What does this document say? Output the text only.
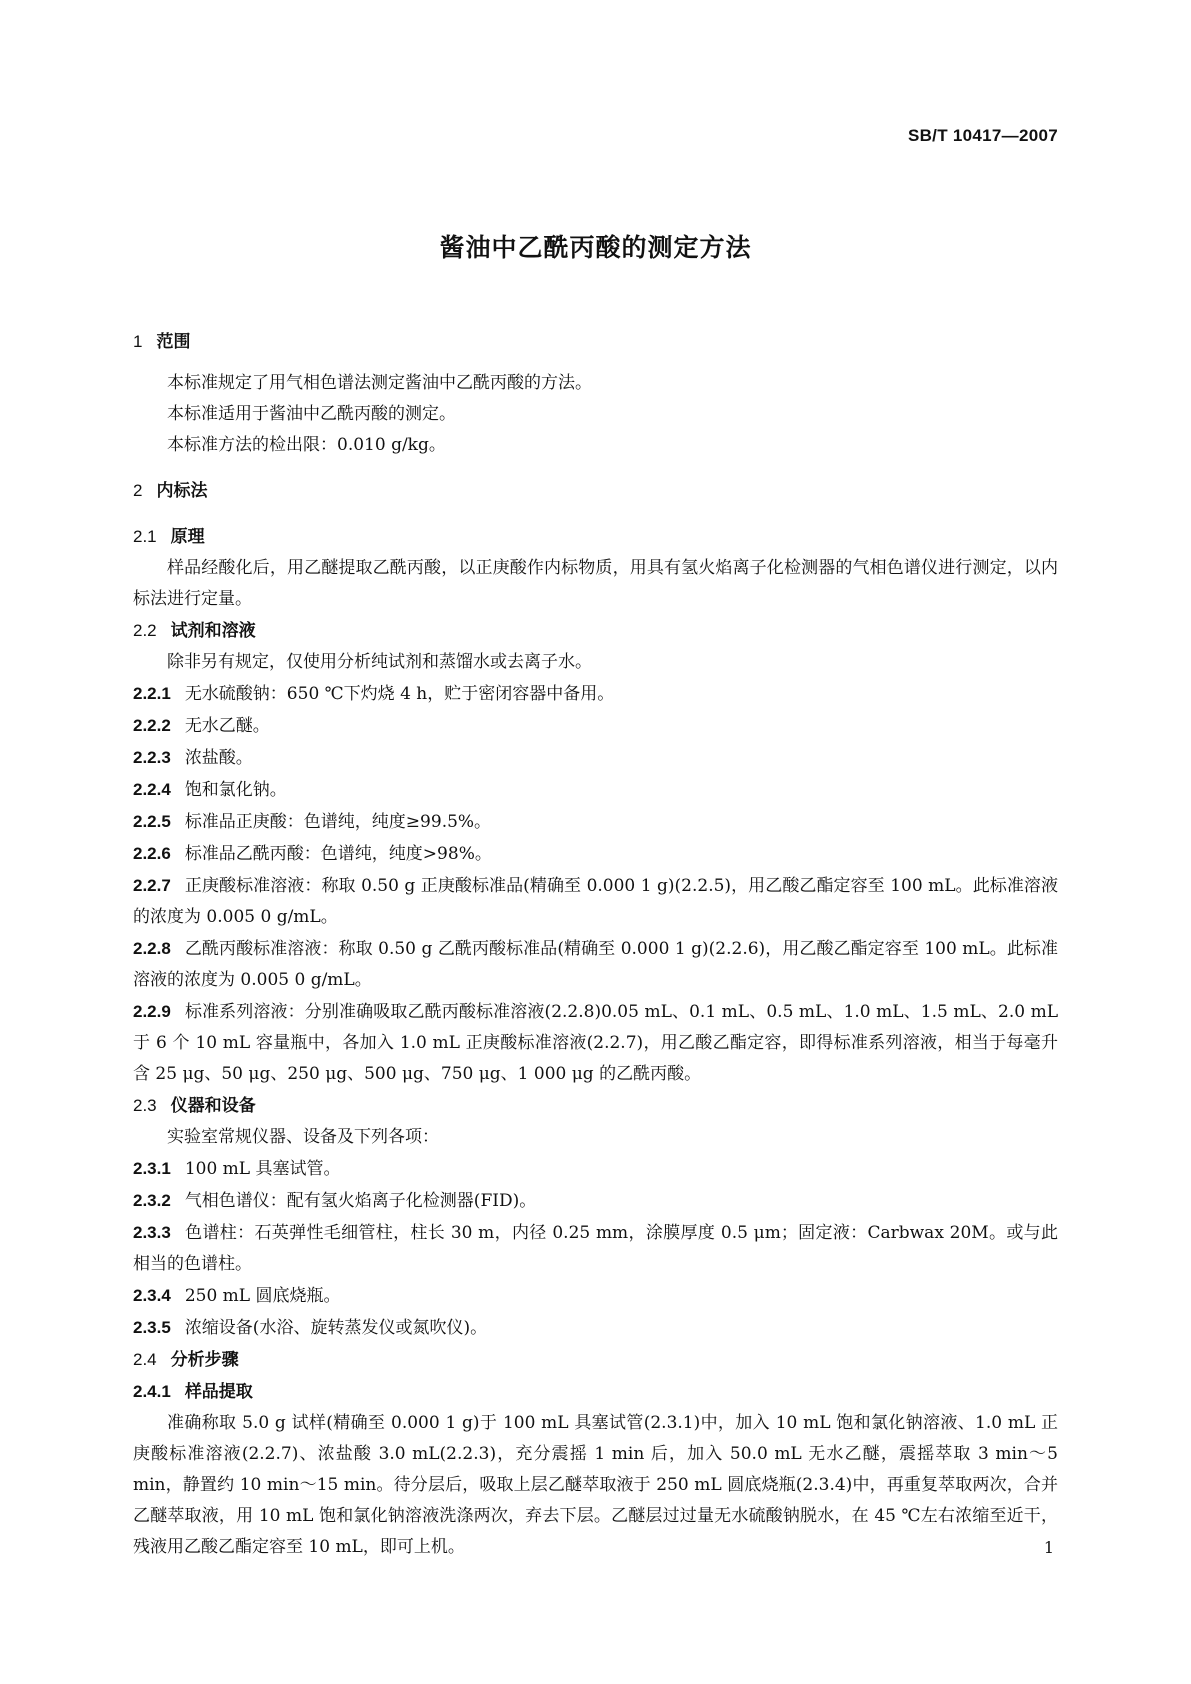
SB/T 10417—2007
酱油中乙酰丙酸的测定方法
1 范围
本标准规定了用气相色谱法测定酱油中乙酰丙酸的方法。
本标准适用于酱油中乙酰丙酸的测定。
本标准方法的检出限：0.010 g/kg。
2 内标法
2.1 原理
样品经酸化后，用乙醚提取乙酰丙酸，以正庚酸作内标物质，用具有氢火焰离子化检测器的气相色谱仪进行测定，以内标法进行定量。
2.2 试剂和溶液
除非另有规定，仅使用分析纯试剂和蒸馏水或去离子水。
2.2.1 无水硫酸钠：650 ℃下灼烧 4 h，贮于密闭容器中备用。
2.2.2 无水乙醚。
2.2.3 浓盐酸。
2.2.4 饱和氯化钠。
2.2.5 标准品正庚酸：色谱纯，纯度≥99.5%。
2.2.6 标准品乙酰丙酸：色谱纯，纯度>98%。
2.2.7 正庚酸标准溶液：称取 0.50 g 正庚酸标准品(精确至 0.000 1 g)(2.2.5)，用乙酸乙酯定容至 100 mL。此标准溶液的浓度为 0.005 0 g/mL。
2.2.8 乙酰丙酸标准溶液：称取 0.50 g 乙酰丙酸标准品(精确至 0.000 1 g)(2.2.6)，用乙酸乙酯定容至 100 mL。此标准溶液的浓度为 0.005 0 g/mL。
2.2.9 标准系列溶液：分别准确吸取乙酰丙酸标准溶液(2.2.8)0.05 mL、0.1 mL、0.5 mL、1.0 mL、1.5 mL、2.0 mL 于 6 个 10 mL 容量瓶中，各加入 1.0 mL 正庚酸标准溶液(2.2.7)，用乙酸乙酯定容，即得标准系列溶液，相当于每毫升含 25 μg、50 μg、250 μg、500 μg、750 μg、1 000 μg 的乙酰丙酸。
2.3 仪器和设备
实验室常规仪器、设备及下列各项：
2.3.1 100 mL 具塞试管。
2.3.2 气相色谱仪：配有氢火焰离子化检测器(FID)。
2.3.3 色谱柱：石英弹性毛细管柱，柱长 30 m，内径 0.25 mm，涂膜厚度 0.5 μm；固定液：Carbwax 20M。或与此相当的色谱柱。
2.3.4 250 mL 圆底烧瓶。
2.3.5 浓缩设备(水浴、旋转蒸发仪或氮吹仪)。
2.4 分析步骤
2.4.1 样品提取
准确称取 5.0 g 试样(精确至 0.000 1 g)于 100 mL 具塞试管(2.3.1)中，加入 10 mL 饱和氯化钠溶液、1.0 mL 正庚酸标准溶液(2.2.7)、浓盐酸 3.0 mL(2.2.3)，充分震摇 1 min 后，加入 50.0 mL 无水乙醚，震摇萃取 3 min～5 min，静置约 10 min～15 min。待分层后，吸取上层乙醚萃取液于 250 mL 圆底烧瓶(2.3.4)中，再重复萃取两次，合并乙醚萃取液，用 10 mL 饱和氯化钠溶液洗涤两次，弃去下层。乙醚层过过量无水硫酸钠脱水，在 45 ℃左右浓缩至近干，残液用乙酸乙酯定容至 10 mL，即可上机。	1
